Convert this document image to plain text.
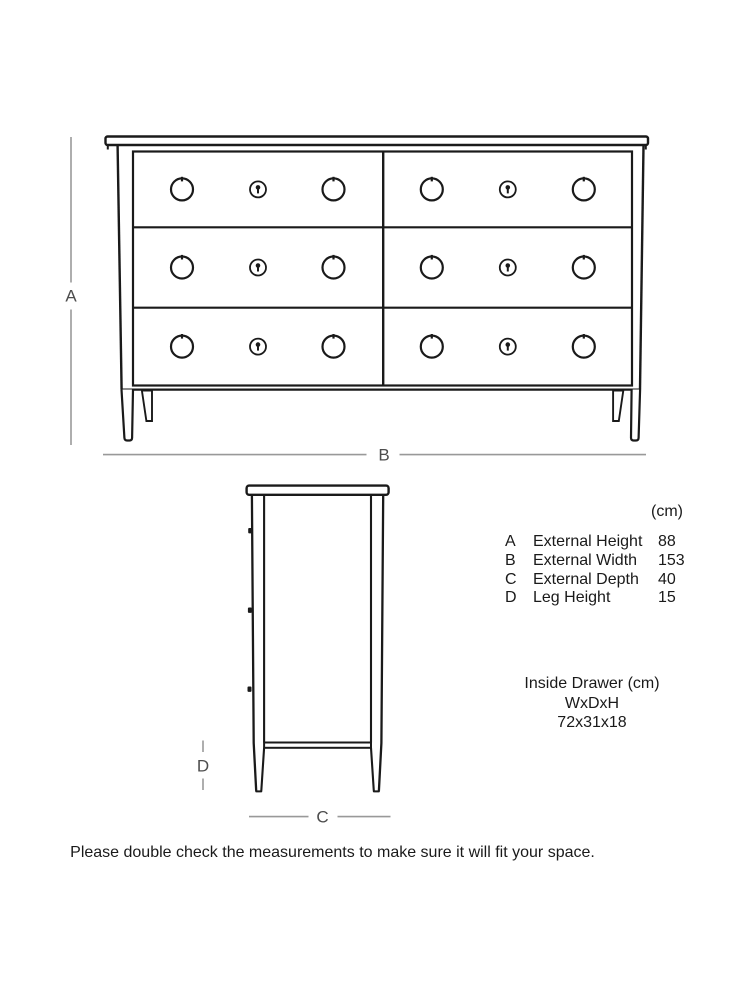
A
B
C
D
(cm)
A	External Height 88
B	External Width	153
C	External Depth	40
D	Leg Height	15
Inside Drawer (cm)
WxDxH
72x31x18
Please double check the measurements to make sure it will fit your space.
